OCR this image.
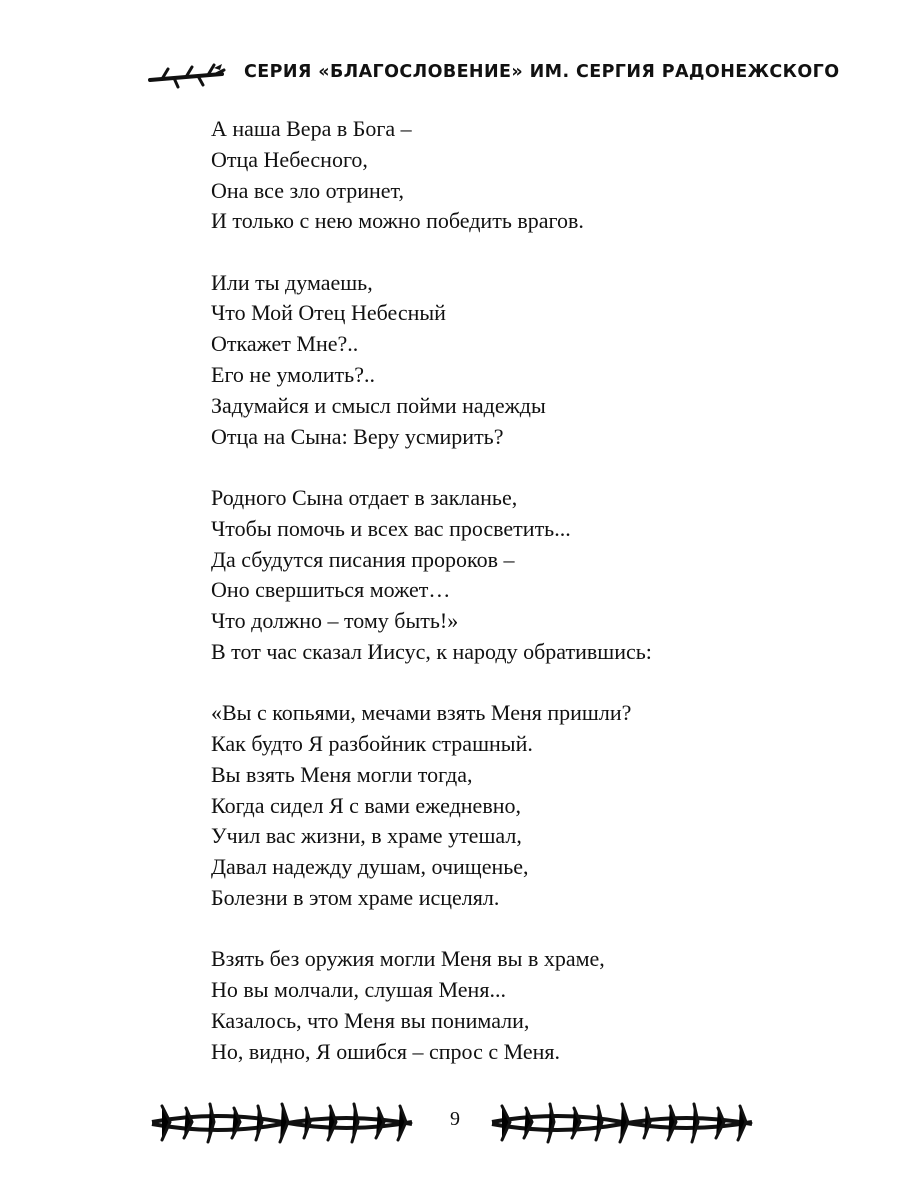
СЕРИЯ «БЛАГОСЛОВЕНИЕ» ИМ. СЕРГИЯ РАДОНЕЖСКОГО
А наша Вера в Бога –
Отца Небесного,
Она все зло отринет,
И только с нею можно победить врагов.
Или ты думаешь,
Что Мой Отец Небесный
Откажет Мне?..
Его не умолить?..
Задумайся и смысл пойми надежды
Отца на Сына: Веру усмирить?
Родного Сына отдает в закланье,
Чтобы помочь и всех вас просветить...
Да сбудутся писания пророков –
Оно свершиться может…
Что должно – тому быть!»
В тот час сказал Иисус, к народу обратившись:
«Вы с копьями, мечами взять Меня пришли?
Как будто Я разбойник страшный.
Вы взять Меня могли тогда,
Когда сидел Я с вами ежедневно,
Учил вас жизни, в храме утешал,
Давал надежду душам, очищенье,
Болезни в этом храме исцелял.
Взять без оружия могли Меня вы в храме,
Но вы молчали, слушая Меня...
Казалось, что Меня вы понимали,
Но, видно, Я ошибся – спрос с Меня.
9
